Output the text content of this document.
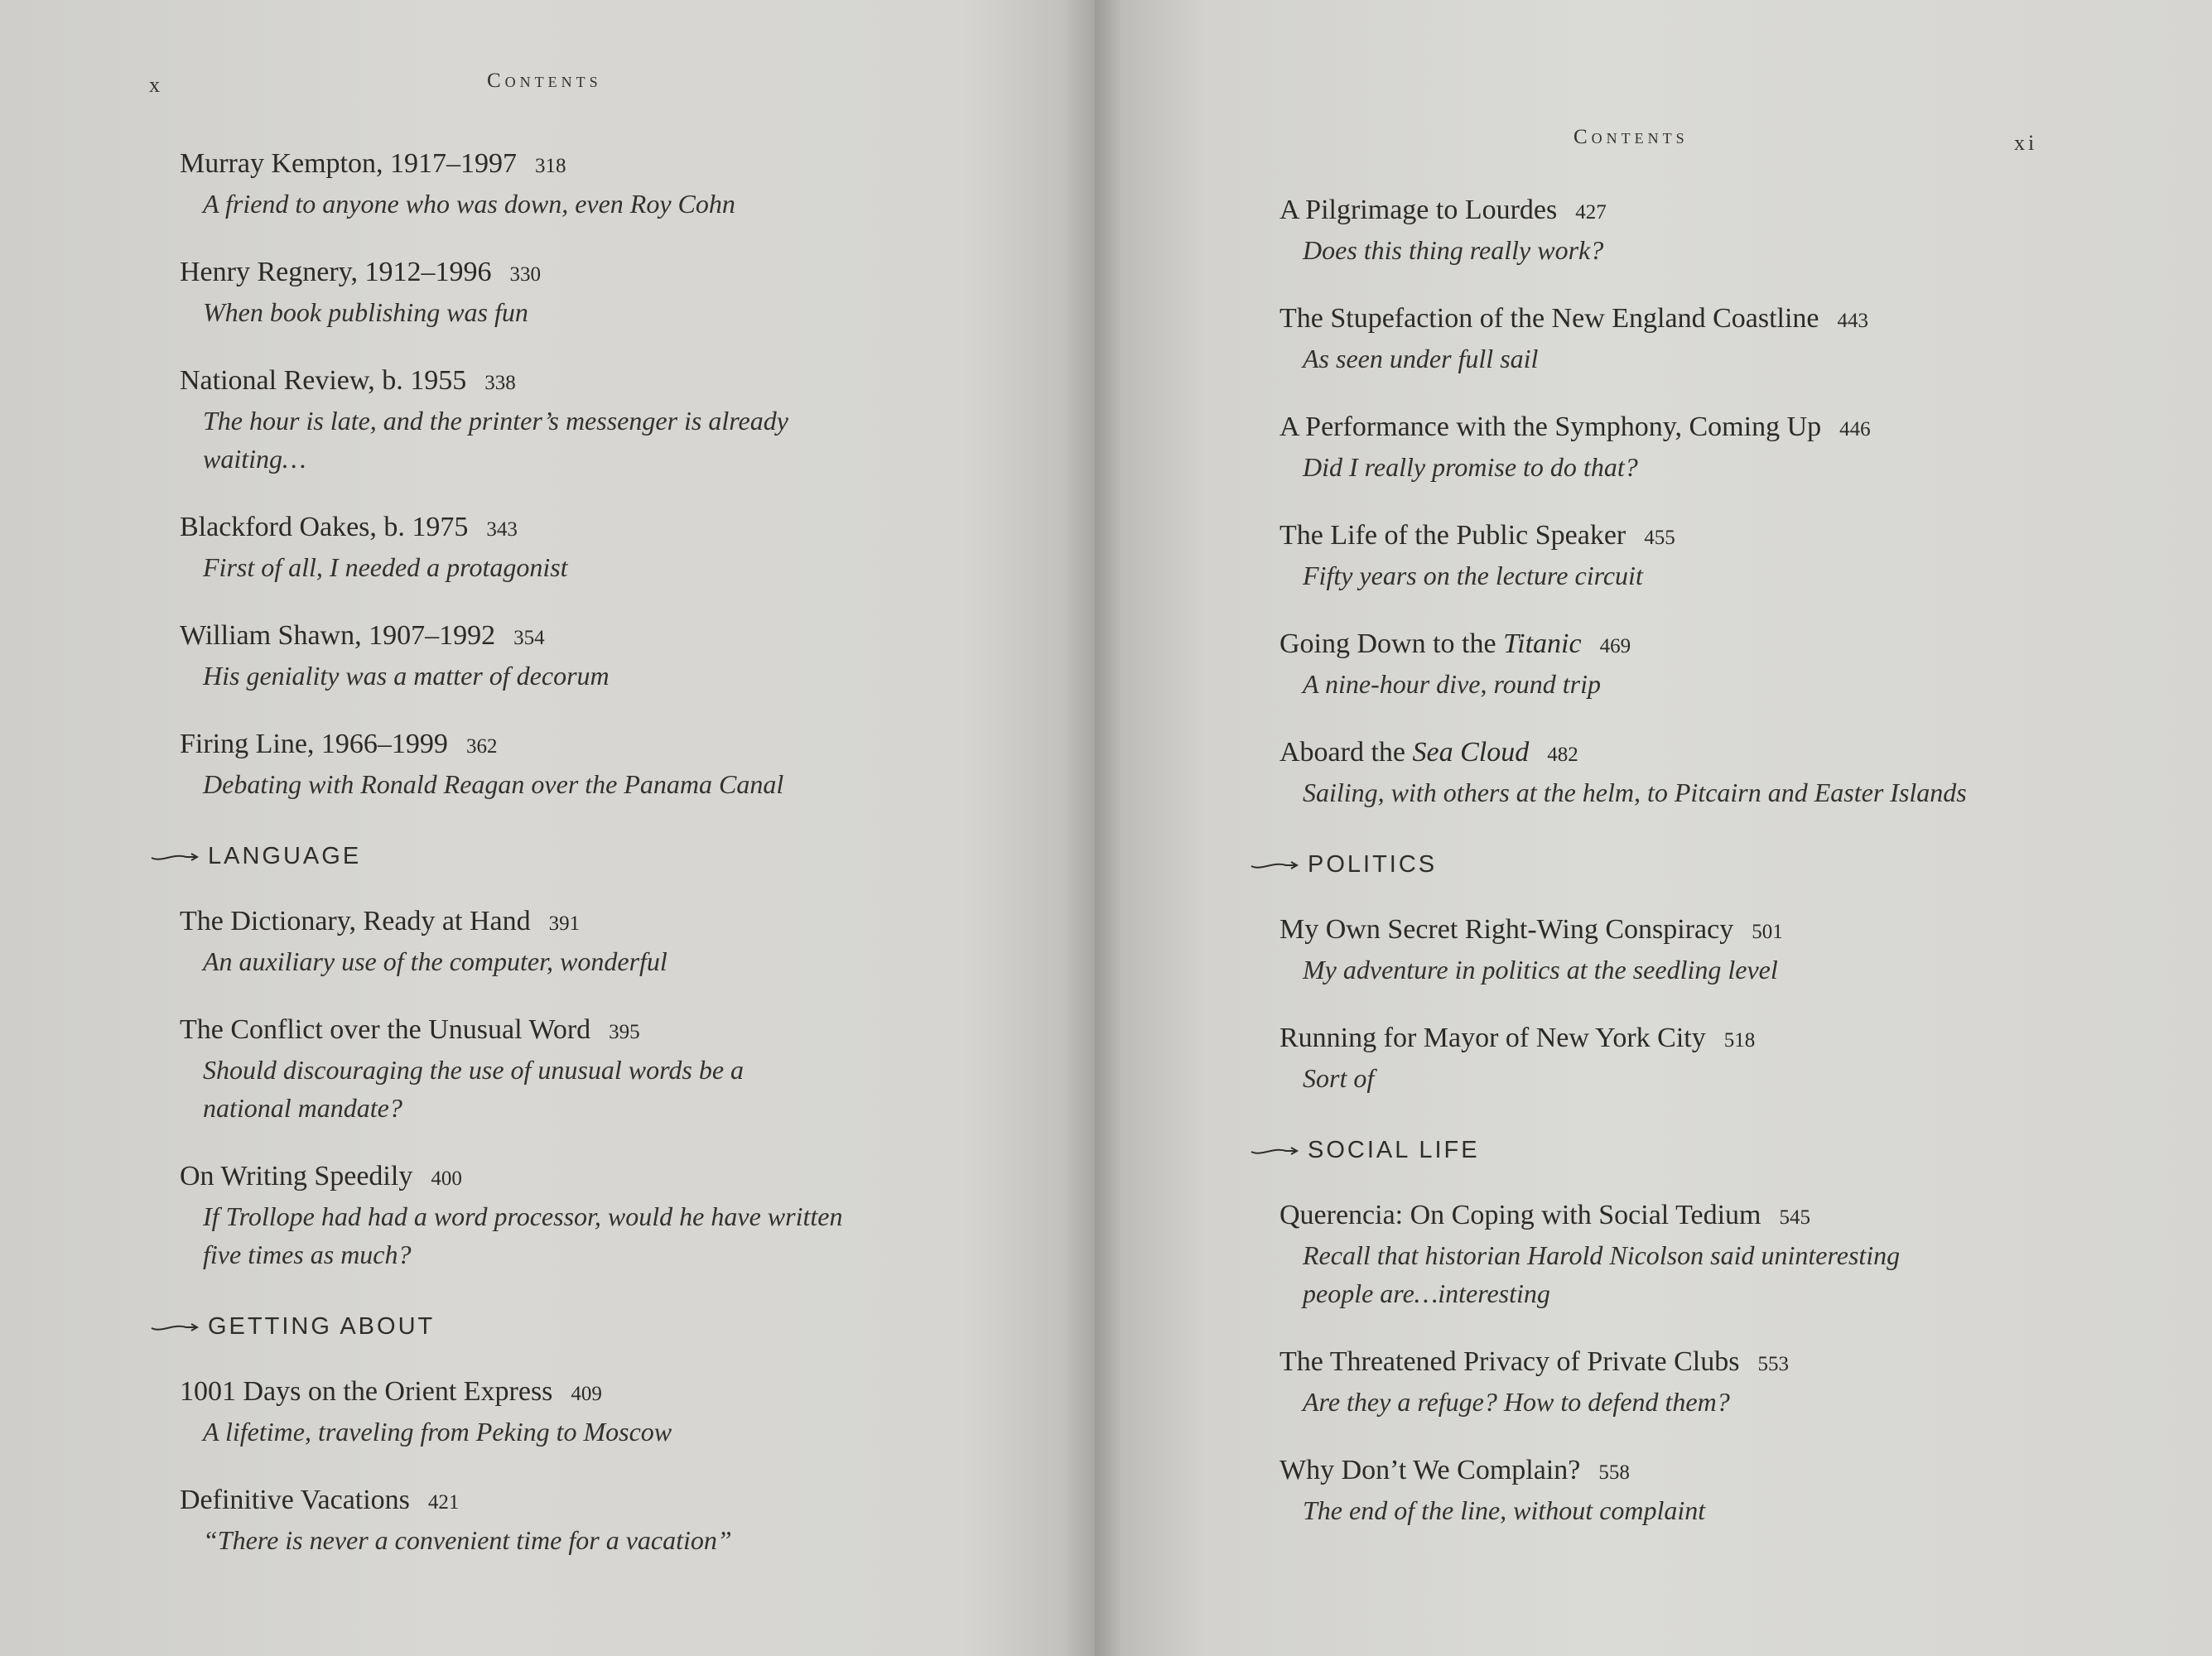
x	Contents
Murray Kempton, 1917–1997 318
A friend to anyone who was down, even Roy Cohn
Henry Regnery, 1912–1996 330
When book publishing was fun
National Review, b. 1955 338
The hour is late, and the printer’s messenger is already waiting…
Blackford Oakes, b. 1975 343
First of all, I needed a protagonist
William Shawn, 1907–1992 354
His geniality was a matter of decorum
Firing Line, 1966–1999 362
Debating with Ronald Reagan over the Panama Canal
LANGUAGE
The Dictionary, Ready at Hand 391
An auxiliary use of the computer, wonderful
The Conflict over the Unusual Word 395
Should discouraging the use of unusual words be a national mandate?
On Writing Speedily 400
If Trollope had had a word processor, would he have written five times as much?
GETTING ABOUT
1001 Days on the Orient Express 409
A lifetime, traveling from Peking to Moscow
Definitive Vacations 421
“There is never a convenient time for a vacation”
Contents	xi
A Pilgrimage to Lourdes 427
Does this thing really work?
The Stupefaction of the New England Coastline 443
As seen under full sail
A Performance with the Symphony, Coming Up 446
Did I really promise to do that?
The Life of the Public Speaker 455
Fifty years on the lecture circuit
Going Down to the Titanic 469
A nine-hour dive, round trip
Aboard the Sea Cloud 482
Sailing, with others at the helm, to Pitcairn and Easter Islands
POLITICS
My Own Secret Right-Wing Conspiracy 501
My adventure in politics at the seedling level
Running for Mayor of New York City 518
Sort of
SOCIAL LIFE
Querencia: On Coping with Social Tedium 545
Recall that historian Harold Nicolson said uninteresting people are…interesting
The Threatened Privacy of Private Clubs 553
Are they a refuge? How to defend them?
Why Don’t We Complain? 558
The end of the line, without complaint
